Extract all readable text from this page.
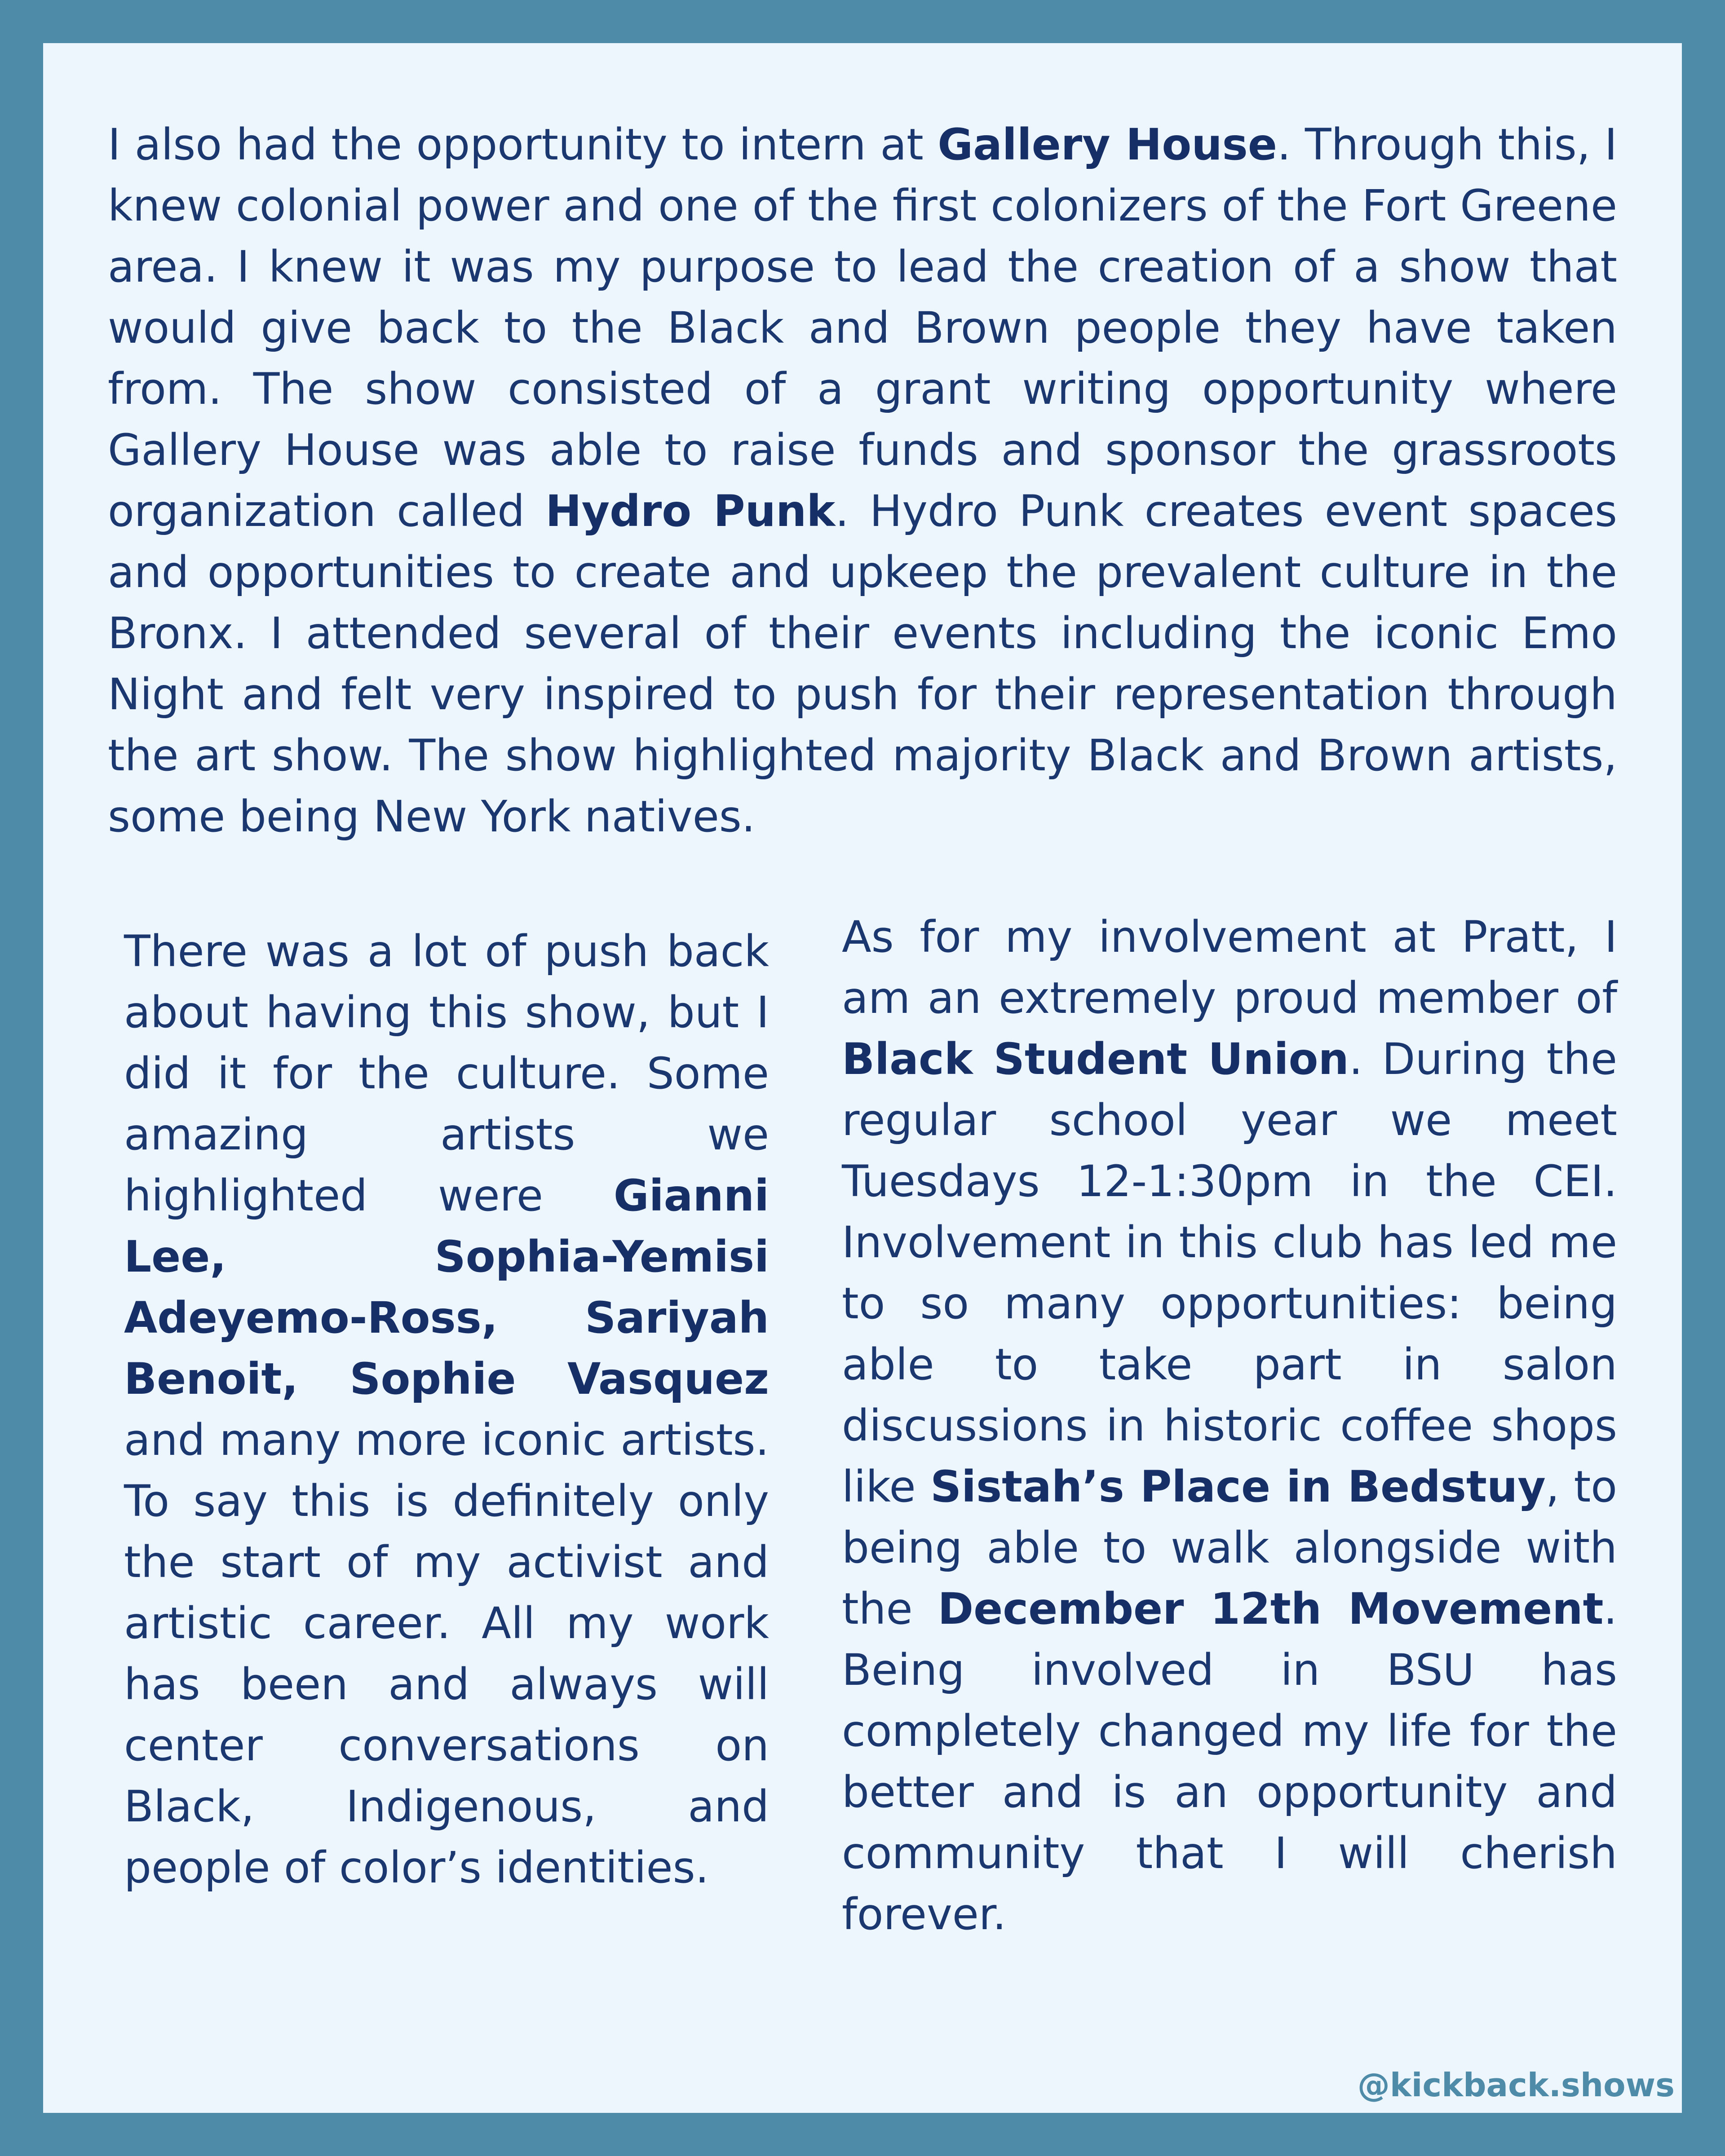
I also had the opportunity to intern at Gallery House. Through this, I knew colonial power and one of the first colonizers of the Fort Greene area. I knew it was my purpose to lead the creation of a show that would give back to the Black and Brown people they have taken from. The show consisted of a grant writing opportunity where Gallery House was able to raise funds and sponsor the grassroots organization called Hydro Punk. Hydro Punk creates event spaces and opportunities to create and upkeep the prevalent culture in the Bronx. I attended several of their events including the iconic Emo Night and felt very inspired to push for their representation through the art show. The show highlighted majority Black and Brown artists, some being New York natives.

There was a lot of push back about having this show, but I did it for the culture. Some amazing artists we highlighted were Gianni Lee, Sophia-Yemisi Adeyemo-Ross, Sariyah Benoit, Sophie Vasquez and many more iconic artists. To say this is definitely only the start of my activist and artistic career. All my work has been and always will center conversations on Black, Indigenous, and people of color’s identities.

As for my involvement at Pratt, I am an extremely proud member of Black Student Union. During the regular school year we meet Tuesdays 12-1:30pm in the CEI. Involvement in this club has led me to so many opportunities: being able to take part in salon discussions in historic coffee shops like Sistah’s Place in Bedstuy, to being able to walk alongside with the December 12th Movement. Being involved in BSU has completely changed my life for the better and is an opportunity and community that I will cherish forever.

@kickback.shows
